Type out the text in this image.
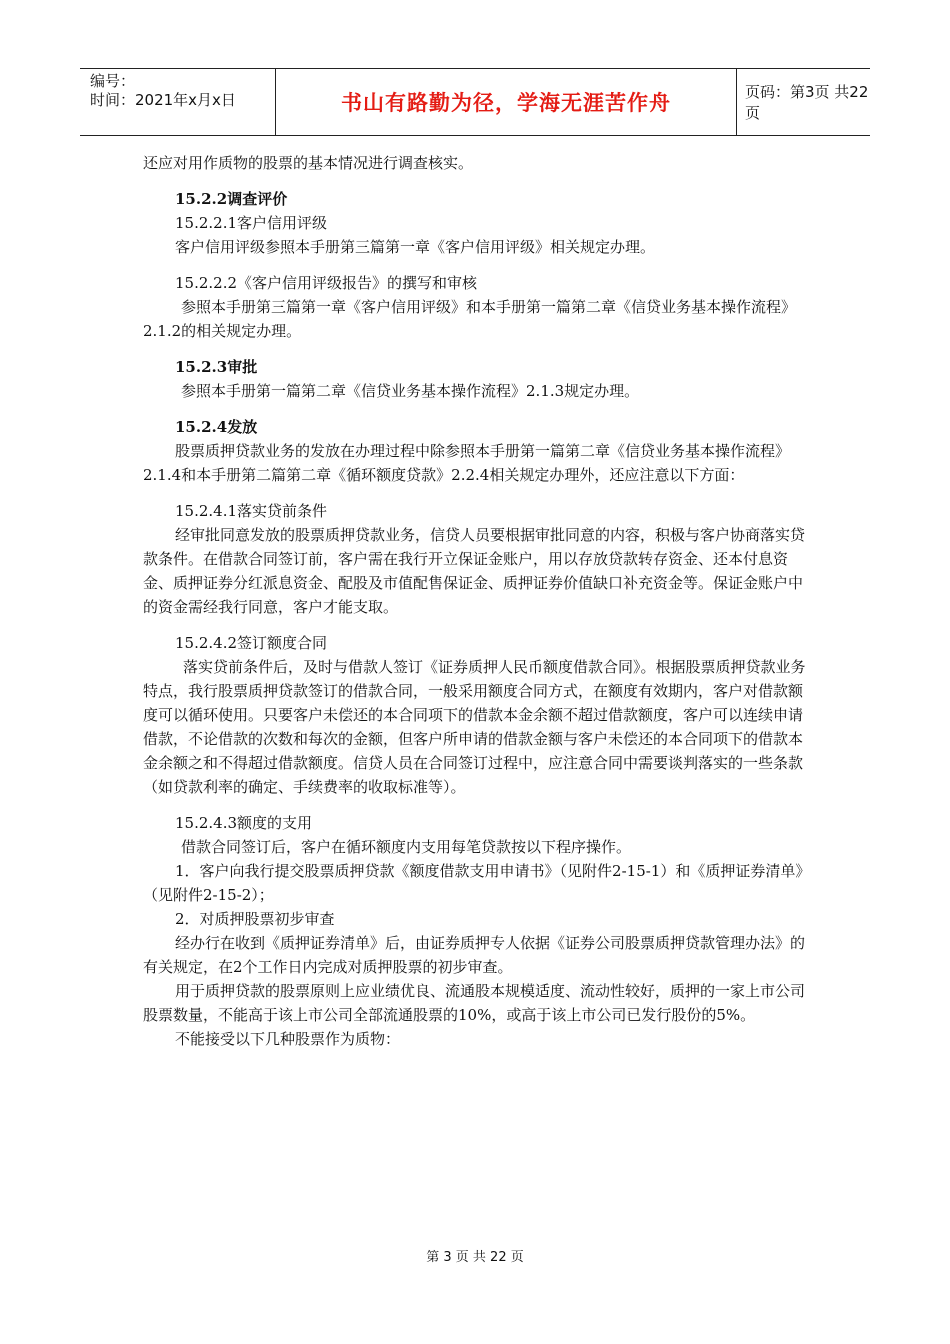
编号：
时间：2021年x月x日	书山有路勤为径，学海无涯苦作舟	页码：第3页 共22页

还应对用作质物的股票的基本情况进行调查核实。

15.2.2调查评价

15.2.2.1客户信用评级

客户信用评级参照本手册第三篇第一章《客户信用评级》相关规定办理。

15.2.2.2《客户信用评级报告》的撰写和审核

参照本手册第三篇第一章《客户信用评级》和本手册第一篇第二章《信贷业务基本操作流程》2.1.2的相关规定办理。

15.2.3审批

参照本手册第一篇第二章《信贷业务基本操作流程》2.1.3规定办理。

15.2.4发放

股票质押贷款业务的发放在办理过程中除参照本手册第一篇第二章《信贷业务基本操作流程》2.1.4和本手册第二篇第二章《循环额度贷款》2.2.4相关规定办理外，还应注意以下方面：

15.2.4.1落实贷前条件

经审批同意发放的股票质押贷款业务，信贷人员要根据审批同意的内容，积极与客户协商落实贷款条件。在借款合同签订前，客户需在我行开立保证金账户，用以存放贷款转存资金、还本付息资金、质押证券分红派息资金、配股及市值配售保证金、质押证券价值缺口补充资金等。保证金账户中的资金需经我行同意，客户才能支取。

15.2.4.2签订额度合同

落实贷前条件后，及时与借款人签订《证券质押人民币额度借款合同》。根据股票质押贷款业务特点，我行股票质押贷款签订的借款合同，一般采用额度合同方式，在额度有效期内，客户对借款额度可以循环使用。只要客户未偿还的本合同项下的借款本金余额不超过借款额度，客户可以连续申请借款，不论借款的次数和每次的金额，但客户所申请的借款金额与客户未偿还的本合同项下的借款本金余额之和不得超过借款额度。信贷人员在合同签订过程中，应注意合同中需要谈判落实的一些条款（如贷款利率的确定、手续费率的收取标准等）。

15.2.4.3额度的支用

借款合同签订后，客户在循环额度内支用每笔贷款按以下程序操作。

1．客户向我行提交股票质押贷款《额度借款支用申请书》（见附件2-15-1）和《质押证券清单》（见附件2-15-2）；

2．对质押股票初步审查

经办行在收到《质押证券清单》后，由证券质押专人依据《证券公司股票质押贷款管理办法》的有关规定，在2个工作日内完成对质押股票的初步审查。

用于质押贷款的股票原则上应业绩优良、流通股本规模适度、流动性较好，质押的一家上市公司股票数量，不能高于该上市公司全部流通股票的10%，或高于该上市公司已发行股份的5%。

不能接受以下几种股票作为质物：

第 3 页 共 22 页
